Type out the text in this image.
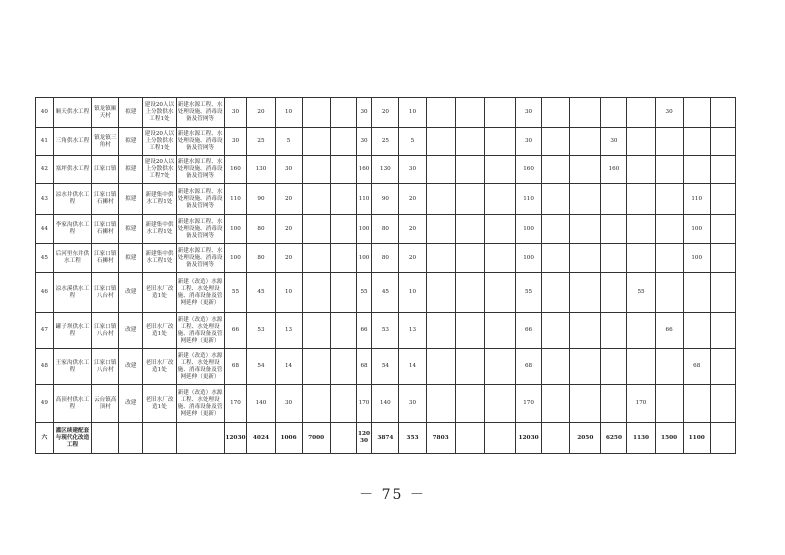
40	顺天供水工程	镇龙镇顺天村	拟建	建设20人以上分散供水工程1处	新建水源工程、水处理设施、消毒设备及管网等	30	20	10			30	20	10				30					30		
41	三角供水工程	镇龙镇三角村	拟建	建设20人以上分散供水工程1处	新建水源工程、水处理设施、消毒设备及管网等	30	25	5			30	25	5				30			30				
42	塞坪供水工程	江家口镇	拟建	建设20人以上分散供水工程7处	新建水源工程、水处理设施、消毒设备及管网等	160	130	30			160	130	30				160			160				
43	凉水井供水工程	江家口镇石狮村	拟建	新建集中供水工程1处	新建水源工程、水处理设施、消毒设备及管网等	110	90	20			110	90	20				110						110	
44	李家沟供水工程	江家口镇石狮村	拟建	新建集中供水工程1处	新建水源工程、水处理设施、消毒设备及管网等	100	80	20			100	80	20				100						100	
45	后河里东井供水工程	江家口镇石狮村	拟建	新建集中供水工程1处	新建水源工程、水处理设施、消毒设备及管网等	100	80	20			100	80	20				100						100	
46	凉水溪供水工程	江家口镇八台村	改建	老旧水厂改造1处	新建（改造）水源工程、水处理设施、消毒设备及管网延伸（更新）	55	45	10			55	45	10				55				55			
47	罐子坝供水工程	江家口镇八台村	改建	老旧水厂改造1处	新建（改造）水源工程、水处理设施、消毒设备及管网延伸（更新）	66	53	13			66	53	13				66					66		
48	王家沟供水工程	江家口镇八台村	改建	老旧水厂改造1处	新建（改造）水源工程、水处理设施、消毒设备及管网延伸（更新）	68	54	14			68	54	14				68						68	
49	高顶村供水工程	云台镇高顶村	改建	老旧水厂改造1处	新建（改造）水源工程、水处理设施、消毒设备及管网延伸（更新）	170	140	30			170	140	30				170				170			
六	灌区续建配套与现代化改造工程					12030	4024	1006	7000		12030	3874	353	7803			12030		2050	6250	1130	1500	1100	
－ 75 －
